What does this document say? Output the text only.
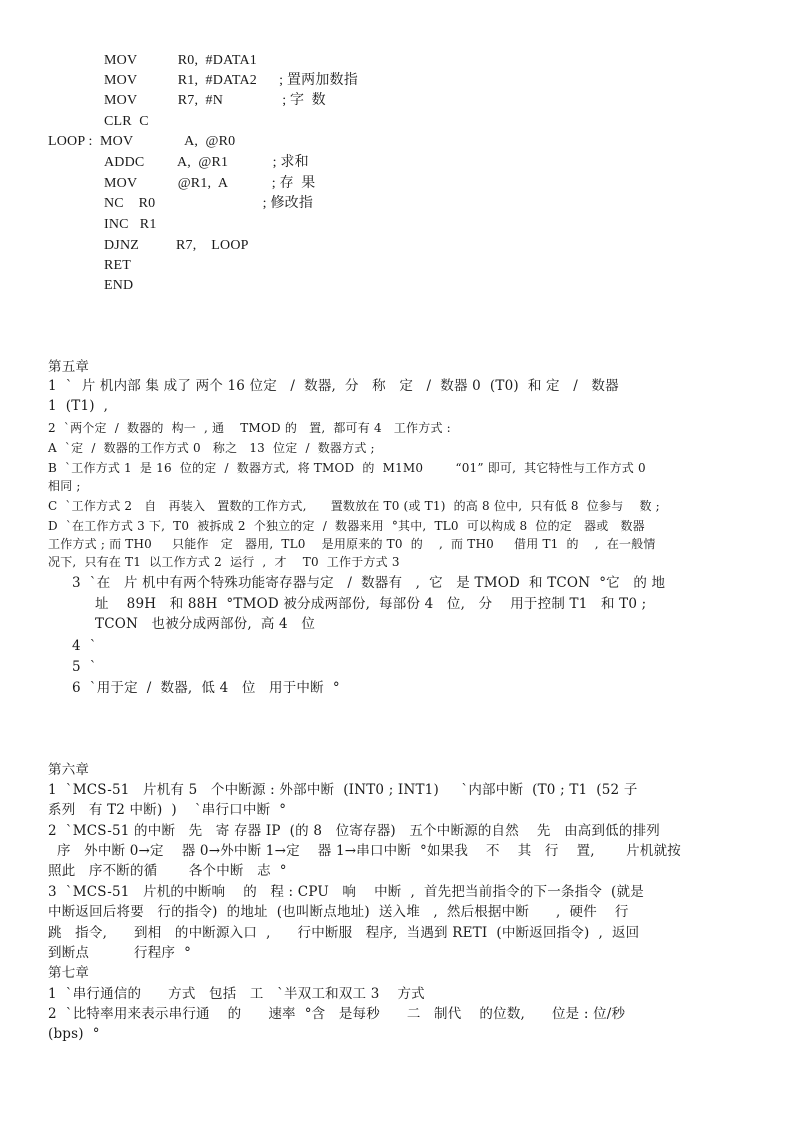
MOV           R0,  #DATA1
MOV           R1,  #DATA2      ; 置两加数指
MOV           R7,  #N                ; 字  数
CLR  C
LOOP :  MOV              A,  @R0
ADDC         A,  @R1            ; 求和
MOV           @R1,  A            ; 存  果
NC    R0                             ; 修改指
INC   R1
DJNZ          R7,    LOOP
RET
END
第五章
1  `  片 机内部 集 成了 两个 16 位定   /  数器,  分   称   定   /  数器 0  (T0)  和 定   /   数器
1  (T1)  ,
2  `两个定  /  数器的  构一  , 通    TMOD 的   置,  都可有 4   工作方式 :
A  `定  /  数器的工作方式 0   称之   13  位定  /  数器方式 ;
B  `工作方式 1  是 16  位的定  /  数器方式,  将 TMOD  的  M1M0        “01” 即可,  其它特性与工作方式 0
相同 ;
C  `工作方式 2   自   再装入   置数的工作方式,      置数放在 T0 (或 T1)  的高 8 位中,  只有低 8  位参与    数 ;
D  `在工作方式 3 下,  T0  被拆成 2  个独立的定  /  数器来用  °其中,  TL0  可以构成 8  位的定   器或   数器
工作方式 ; 而 TH0     只能作   定   器用,  TL0    是用原来的 T0  的    ,  而 TH0     借用 T1  的    ,  在一般情
况下,  只有在 T1  以工作方式 2  运行  ,  才    T0  工作于方式 3
3  `在   片 机中有两个特殊功能寄存器与定   /  数器有   ,  它   是 TMOD  和 TCON  °它   的 地
址    89H   和 88H  °TMOD 被分成两部份,  每部份 4   位,   分    用于控制 T1   和 T0 ;
TCON   也被分成两部份,  高 4   位
4  `
5  `
6  `用于定  /  数器,  低 4   位   用于中断  °
第六章
1  `MCS-51   片机有 5   个中断源 : 外部中断  (INT0 ; INT1)     `内部中断  (T0 ; T1  (52 子
系列   有 T2 中断)  )    `串行口中断  °
2  `MCS-51 的中断   先   寄 存器 IP  (的 8   位寄存器)   五个中断源的自然    先   由高到低的排列
序   外中断 0→定    器 0→外中断 1→定    器 1→串口中断  °如果我    不    其   行    置,       片机就按
照此   序不断的循       各个中断   志  °
3  `MCS-51   片机的中断响    的   程 : CPU   响    中断  ,  首先把当前指令的下一条指令  (就是
中断返回后将要   行的指令)  的地址  (也叫断点地址)  送入堆   ,  然后根据中断      ,  硬件    行
跳   指令,      到相   的中断源入口  ,      行中断服   程序,  当遇到 RETI  (中断返回指令)  ,  返回
到断点          行程序  °
第七章
1  `串行通信的      方式   包括   工   `半双工和双工 3    方式
2  `比特率用来表示串行通    的      速率  °含   是每秒      二   制代    的位数,      位是 : 位/秒
(bps)  °
